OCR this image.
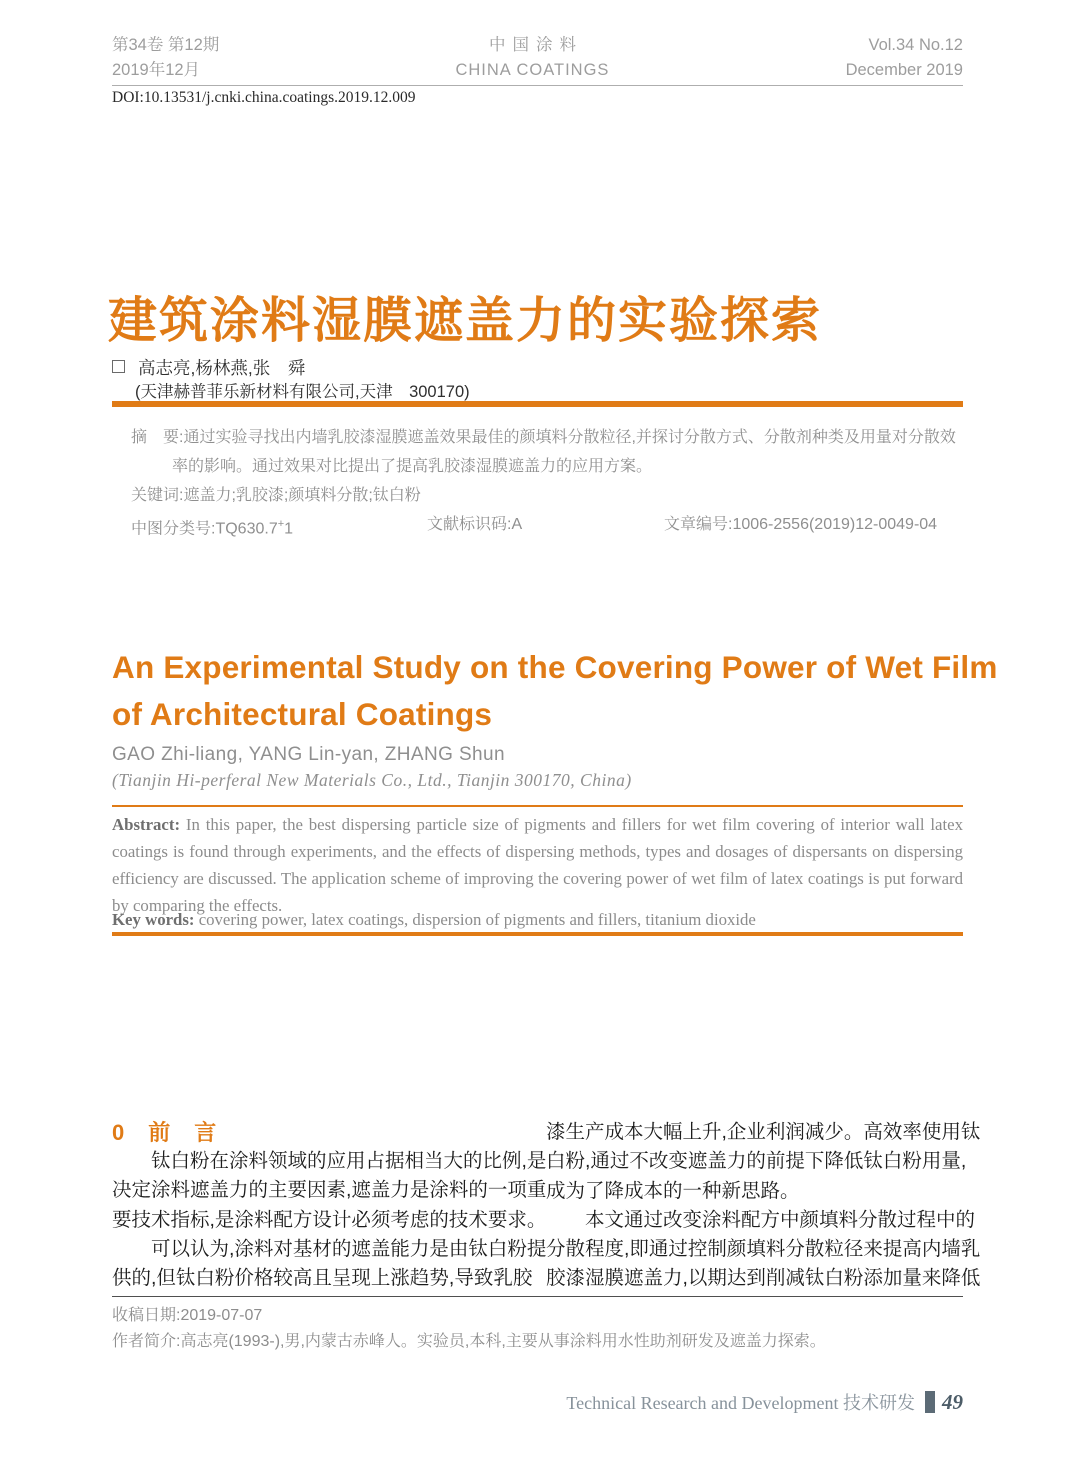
第34卷 第12期
2019年12月
中国涂料
CHINA COATINGS
Vol.34 No.12
December 2019
DOI:10.13531/j.cnki.china.coatings.2019.12.009
建筑涂料湿膜遮盖力的实验探索
高志亮,杨林燕,张　舜
(天津赫普菲乐新材料有限公司,天津　300170)
摘　要:通过实验寻找出内墙乳胶漆湿膜遮盖效果最佳的颜填料分散粒径,并探讨分散方式、分散剂种类及用量对分散效
率的影响。通过效果对比提出了提高乳胶漆湿膜遮盖力的应用方案。
关键词:遮盖力;乳胶漆;颜填料分散;钛白粉
中图分类号:TQ630.7+1	文献标识码:A	文章编号:1006-2556(2019)12-0049-04
An Experimental Study on the Covering Power of Wet Film
of Architectural Coatings
GAO Zhi-liang, YANG Lin-yan, ZHANG Shun
(Tianjin Hi-perferal New Materials Co., Ltd., Tianjin 300170, China)
Abstract: In this paper, the best dispersing particle size of pigments and fillers for wet film covering of interior wall latex coatings is found through experiments, and the effects of dispersing methods, types and dosages of dispersants on dispersing efficiency are discussed. The application scheme of improving the covering power of wet film of latex coatings is put forward by comparing the effects.
Key words: covering power, latex coatings, dispersion of pigments and fillers, titanium dioxide
0　前　言
　　钛白粉在涂料领域的应用占据相当大的比例,是
决定涂料遮盖力的主要因素,遮盖力是涂料的一项重
要技术指标,是涂料配方设计必须考虑的技术要求。
　　可以认为,涂料对基材的遮盖能力是由钛白粉提
供的,但钛白粉价格较高且呈现上涨趋势,导致乳胶
漆生产成本大幅上升,企业利润减少。高效率使用钛
白粉,通过不改变遮盖力的前提下降低钛白粉用量,
成为了降成本的一种新思路。
　　本文通过改变涂料配方中颜填料分散过程中的
分散程度,即通过控制颜填料分散粒径来提高内墙乳
胶漆湿膜遮盖力,以期达到削减钛白粉添加量来降低
收稿日期:2019-07-07
作者简介:高志亮(1993-),男,内蒙古赤峰人。实验员,本科,主要从事涂料用水性助剂研发及遮盖力探索。
Technical Research and Development 技术研发 49
